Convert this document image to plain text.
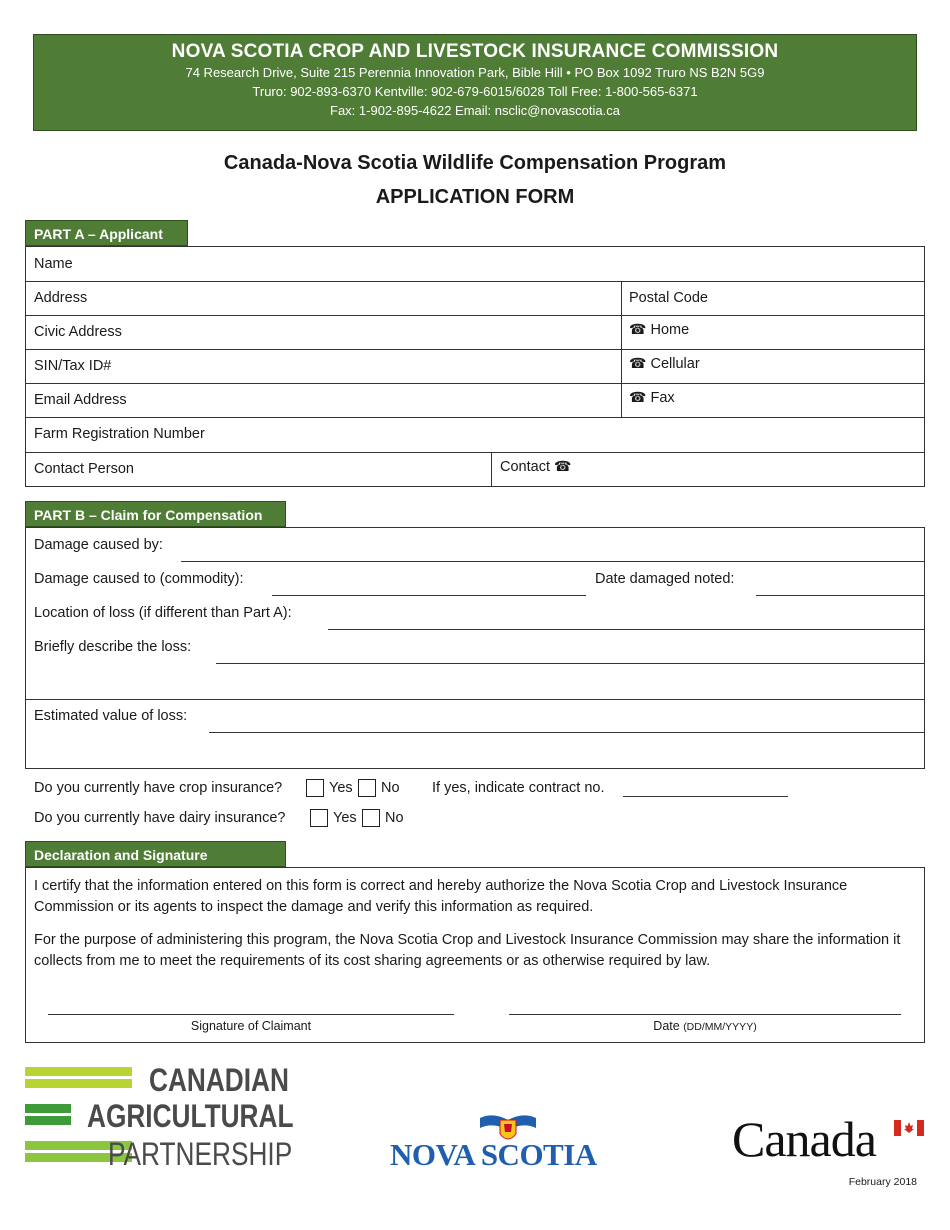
NOVA SCOTIA CROP AND LIVESTOCK INSURANCE COMMISSION
74 Research Drive, Suite 215 Perennia Innovation Park, Bible Hill • PO Box 1092 Truro NS B2N 5G9
Truro: 902-893-6370 Kentville: 902-679-6015/6028 Toll Free: 1-800-565-6371
Fax: 1-902-895-4622 Email: nsclic@novascotia.ca
Canada-Nova Scotia Wildlife Compensation Program
APPLICATION FORM
PART A – Applicant
Name
Address	Postal Code
Civic Address	☎ Home
SIN/Tax ID#	☎ Cellular
Email Address	☎ Fax
Farm Registration Number
Contact Person	Contact ☎
PART B – Claim for Compensation
Damage caused by:
Damage caused to (commodity):	Date damaged noted:
Location of loss (if different than Part A):
Briefly describe the loss:
Estimated value of loss:
Do you currently have crop insurance?	Yes No If yes, indicate contract no.
Do you currently have dairy insurance?	Yes No
Declaration and Signature

I certify that the information entered on this form is correct and hereby authorize the Nova Scotia Crop and Livestock Insurance Commission or its agents to inspect the damage and verify this information as required.

For the purpose of administering this program, the Nova Scotia Crop and Livestock Insurance Commission may share the information it collects from me to meet the requirements of its cost sharing agreements or as otherwise required by law.

Signature of Claimant	Date (DD/MM/YYYY)
CANADIAN
AGRICULTURAL
PARTNERSHIP	NOVA SCOTIA	Canada
February 2018
